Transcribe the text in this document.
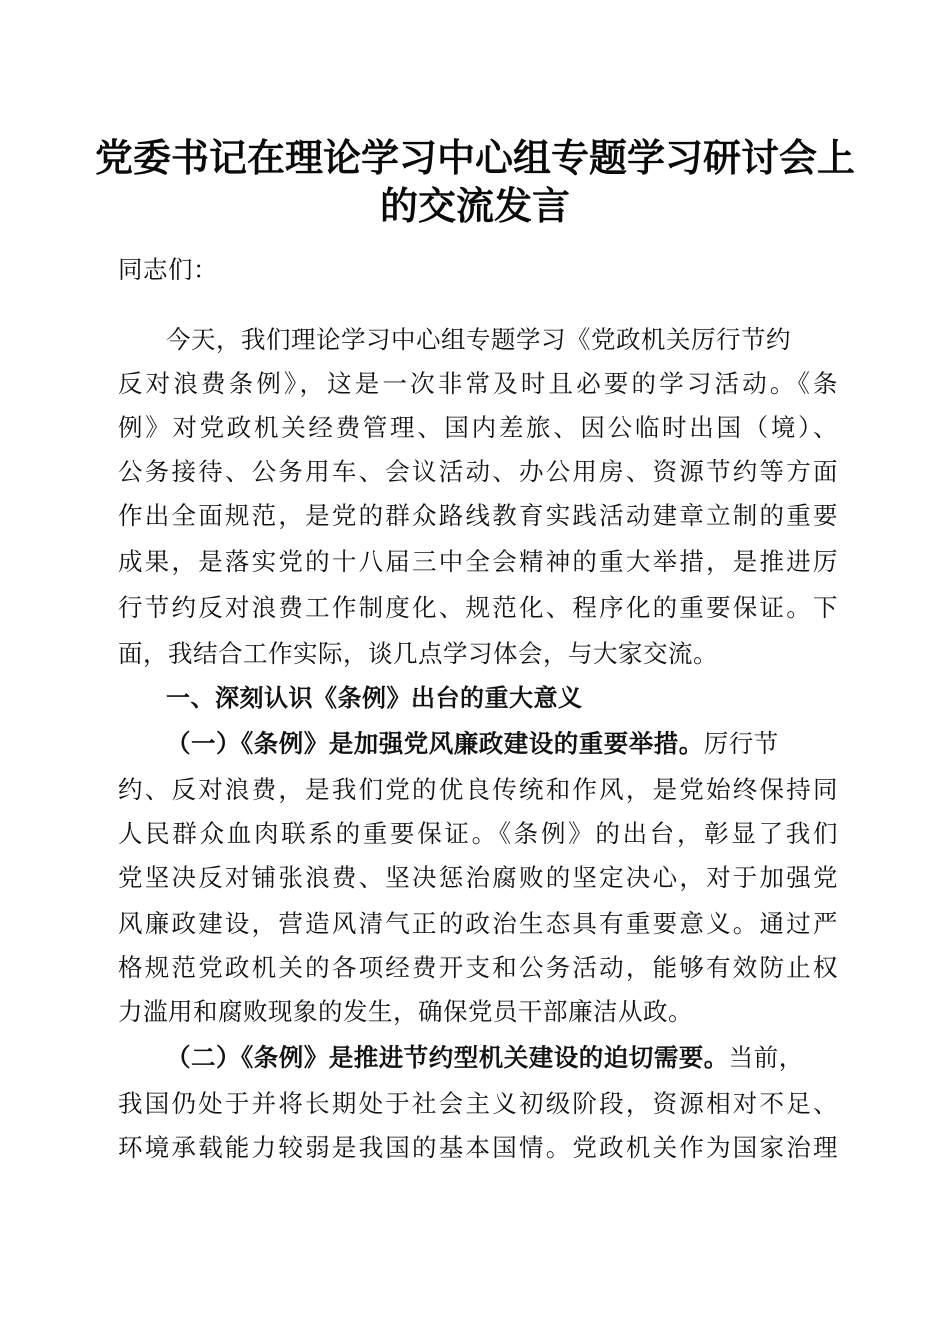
党委书记在理论学习中心组专题学习研讨会上
的交流发言
同志们：
今天，我们理论学习中心组专题学习《党政机关厉行节约
反对浪费条例》，这是一次非常及时且必要的学习活动。《条
例》对党政机关经费管理、国内差旅、因公临时出国（境）、
公务接待、公务用车、会议活动、办公用房、资源节约等方面
作出全面规范，是党的群众路线教育实践活动建章立制的重要
成果，是落实党的十八届三中全会精神的重大举措，是推进厉
行节约反对浪费工作制度化、规范化、程序化的重要保证。下
面，我结合工作实际，谈几点学习体会，与大家交流。
一、深刻认识《条例》出台的重大意义
（一）《条例》是加强党风廉政建设的重要举措。厉行节
约、反对浪费，是我们党的优良传统和作风，是党始终保持同
人民群众血肉联系的重要保证。《条例》的出台，彰显了我们
党坚决反对铺张浪费、坚决惩治腐败的坚定决心，对于加强党
风廉政建设，营造风清气正的政治生态具有重要意义。通过严
格规范党政机关的各项经费开支和公务活动，能够有效防止权
力滥用和腐败现象的发生，确保党员干部廉洁从政。
（二）《条例》是推进节约型机关建设的迫切需要。当前，
我国仍处于并将长期处于社会主义初级阶段，资源相对不足、
环境承载能力较弱是我国的基本国情。党政机关作为国家治理
